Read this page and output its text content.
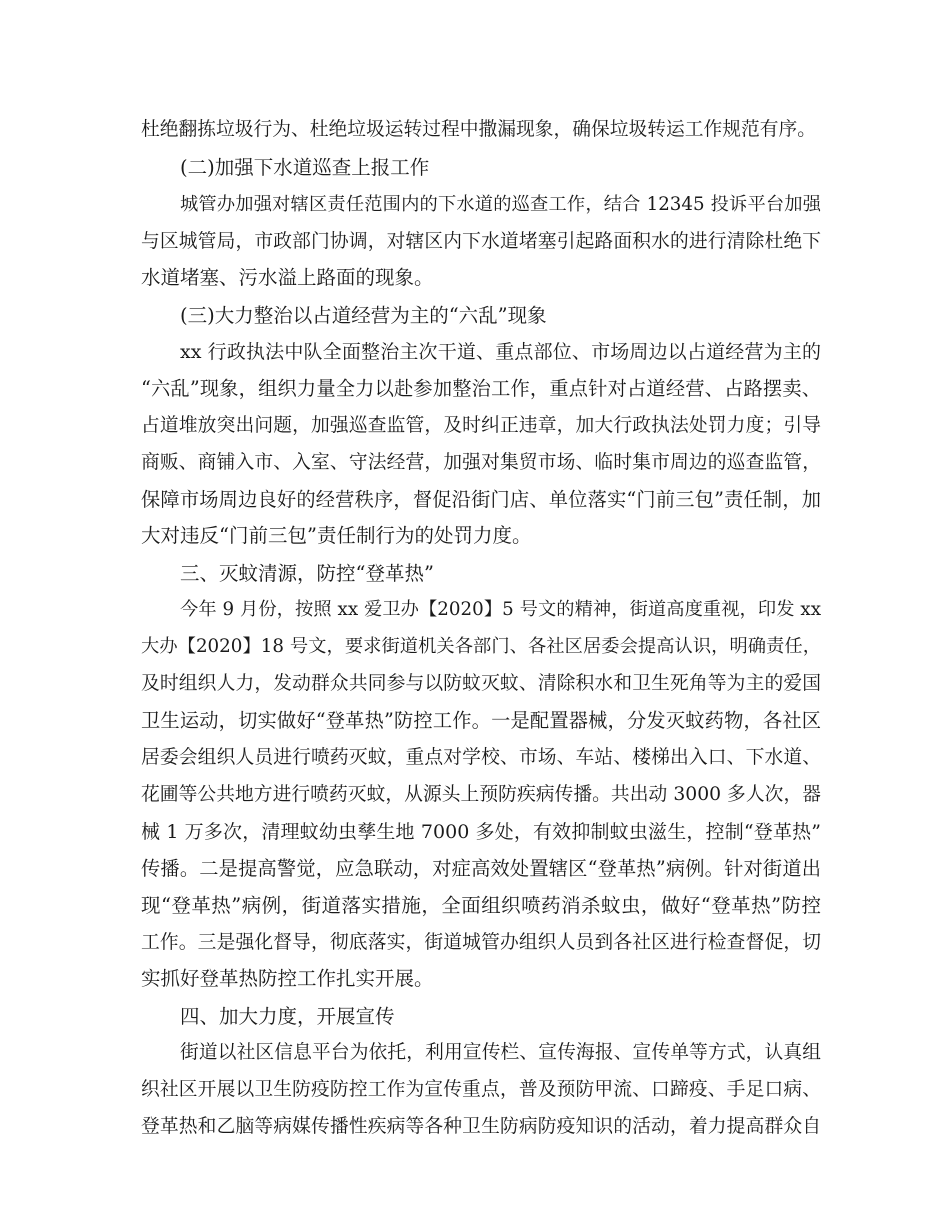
杜绝翻拣垃圾行为、杜绝垃圾运转过程中撒漏现象，确保垃圾转运工作规范有序。

(二)加强下水道巡查上报工作

城管办加强对辖区责任范围内的下水道的巡查工作，结合 12345 投诉平台加强

与区城管局，市政部门协调，对辖区内下水道堵塞引起路面积水的进行清除杜绝下

水道堵塞、污水溢上路面的现象。

(三)大力整治以占道经营为主的“六乱”现象

xx 行政执法中队全面整治主次干道、重点部位、市场周边以占道经营为主的

“六乱”现象，组织力量全力以赴参加整治工作，重点针对占道经营、占路摆卖、

占道堆放突出问题，加强巡查监管，及时纠正违章，加大行政执法处罚力度；引导

商贩、商铺入市、入室、守法经营，加强对集贸市场、临时集市周边的巡查监管，

保障市场周边良好的经营秩序，督促沿街门店、单位落实“门前三包”责任制，加

大对违反“门前三包”责任制行为的处罚力度。

三、灭蚊清源，防控“登革热”

今年 9 月份，按照 xx 爱卫办【2020】5 号文的精神，街道高度重视，印发 xx

大办【2020】18 号文，要求街道机关各部门、各社区居委会提高认识，明确责任，

及时组织人力，发动群众共同参与以防蚊灭蚊、清除积水和卫生死角等为主的爱国

卫生运动，切实做好“登革热”防控工作。一是配置器械，分发灭蚊药物，各社区

居委会组织人员进行喷药灭蚊，重点对学校、市场、车站、楼梯出入口、下水道、

花圃等公共地方进行喷药灭蚊，从源头上预防疾病传播。共出动 3000 多人次，器

械 1 万多次，清理蚊幼虫孳生地 7000 多处，有效抑制蚊虫滋生，控制“登革热”

传播。二是提高警觉，应急联动，对症高效处置辖区“登革热”病例。针对街道出

现“登革热”病例，街道落实措施，全面组织喷药消杀蚊虫，做好“登革热”防控

工作。三是强化督导，彻底落实，街道城管办组织人员到各社区进行检查督促，切

实抓好登革热防控工作扎实开展。

四、加大力度，开展宣传

街道以社区信息平台为依托，利用宣传栏、宣传海报、宣传单等方式，认真组

织社区开展以卫生防疫防控工作为宣传重点，普及预防甲流、口蹄疫、手足口病、

登革热和乙脑等病媒传播性疾病等各种卫生防病防疫知识的活动，着力提高群众自
